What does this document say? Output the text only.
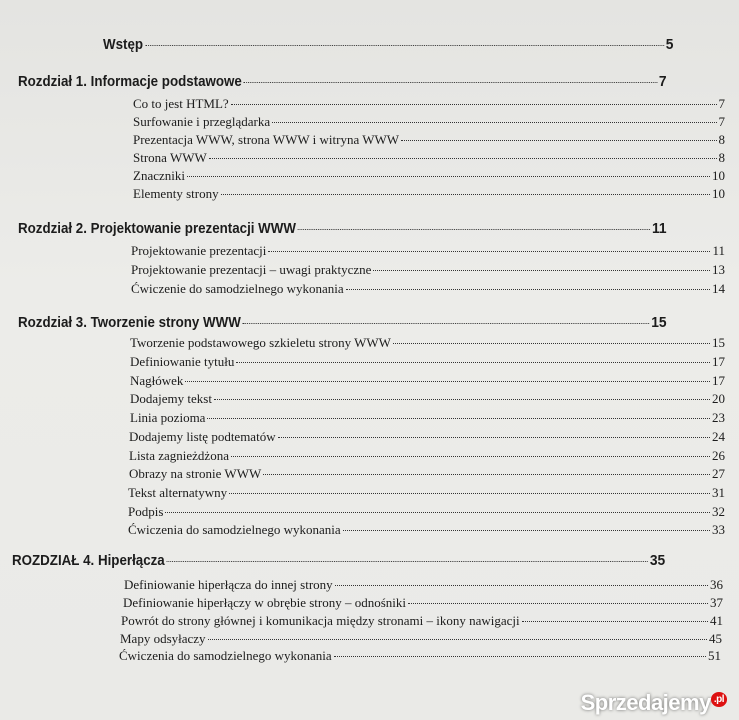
Wstęp	5
Rozdział 1. Informacje podstawowe	7
Co to jest HTML?	7
Surfowanie i przeglądarka	7
Prezentacja WWW, strona WWW i witryna WWW	8
Strona WWW	8
Znaczniki	10
Elementy strony	10
Rozdział 2. Projektowanie prezentacji WWW	11
Projektowanie prezentacji	11
Projektowanie prezentacji – uwagi praktyczne	13
Ćwiczenie do samodzielnego wykonania	14
Rozdział 3. Tworzenie strony WWW	15
Tworzenie podstawowego szkieletu strony WWW	15
Definiowanie tytułu	17
Nagłówek	17
Dodajemy tekst	20
Linia pozioma	23
Dodajemy listę podtematów	24
Lista zagnieżdżona	26
Obrazy na stronie WWW	27
Tekst alternatywny	31
Podpis	32
Ćwiczenia do samodzielnego wykonania	33
ROZDZIAŁ 4. Hiperłącza	35
Definiowanie hiperłącza do innej strony	36
Definiowanie hiperłączy w obrębie strony – odnośniki	37
Powrót do strony głównej i komunikacja między stronami – ikony nawigacji	41
Mapy odsyłaczy	45
Ćwiczenia do samodzielnego wykonania	51
Sprzedajemy $^{.pl}$
